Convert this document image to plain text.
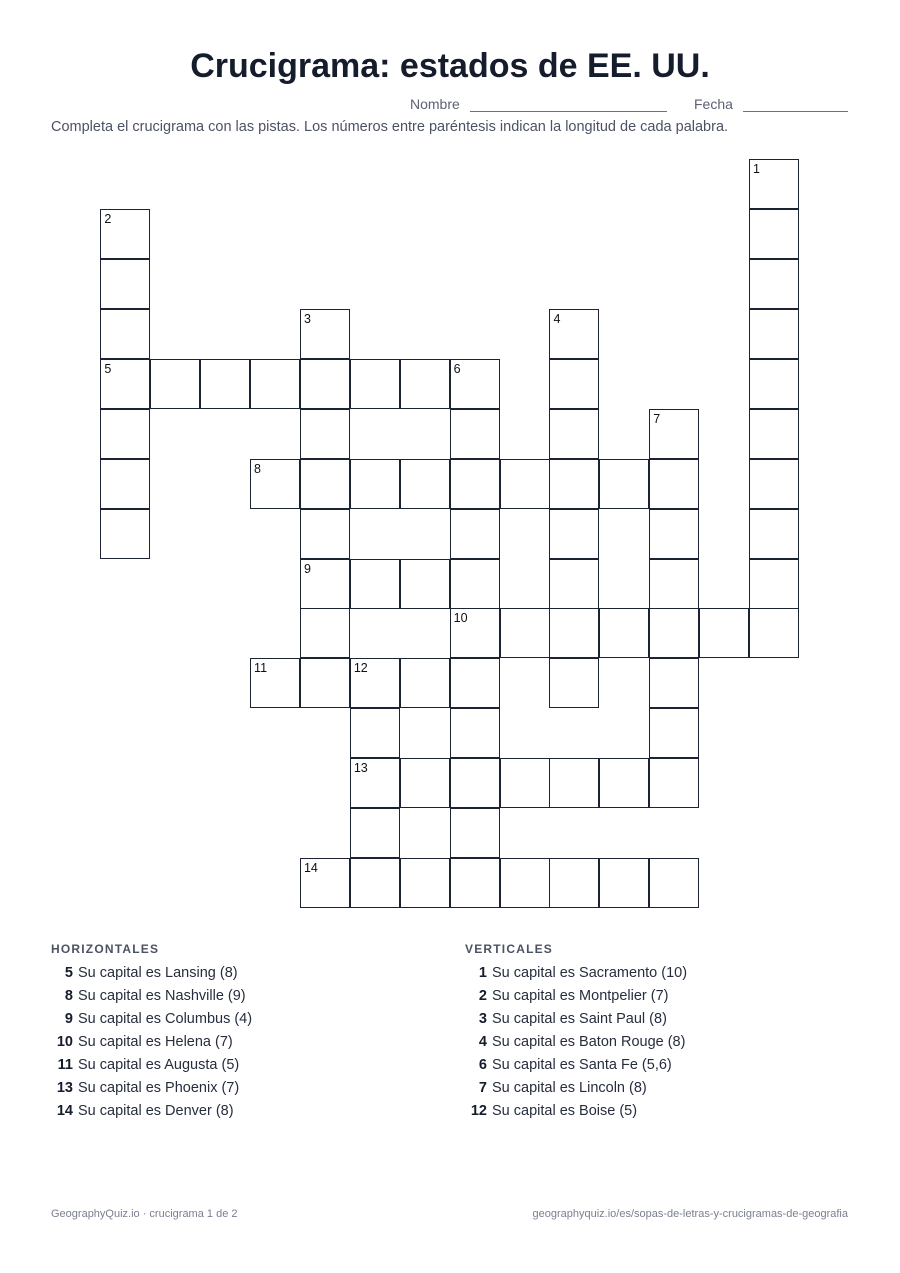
Crucigrama: estados de EE. UU.
Nombre	Fecha
Completa el crucigrama con las pistas. Los números entre paréntesis indican la longitud de cada palabra.
5	6
8
9
10
11	12
13
14
1
2
3	4
7
HORIZONTALES
5 Su capital es Lansing (8)
8 Su capital es Nashville (9)
9 Su capital es Columbus (4)
10 Su capital es Helena (7)
11 Su capital es Augusta (5)
13 Su capital es Phoenix (7)
14 Su capital es Denver (8)
VERTICALES
1 Su capital es Sacramento (10)
2 Su capital es Montpelier (7)
3 Su capital es Saint Paul (8)
4 Su capital es Baton Rouge (8)
6 Su capital es Santa Fe (5,6)
7 Su capital es Lincoln (8)
12 Su capital es Boise (5)
GeographyQuiz.io · crucigrama 1 de 2	geographyquiz.io/es/sopas-de-letras-y-crucigramas-de-geografia
